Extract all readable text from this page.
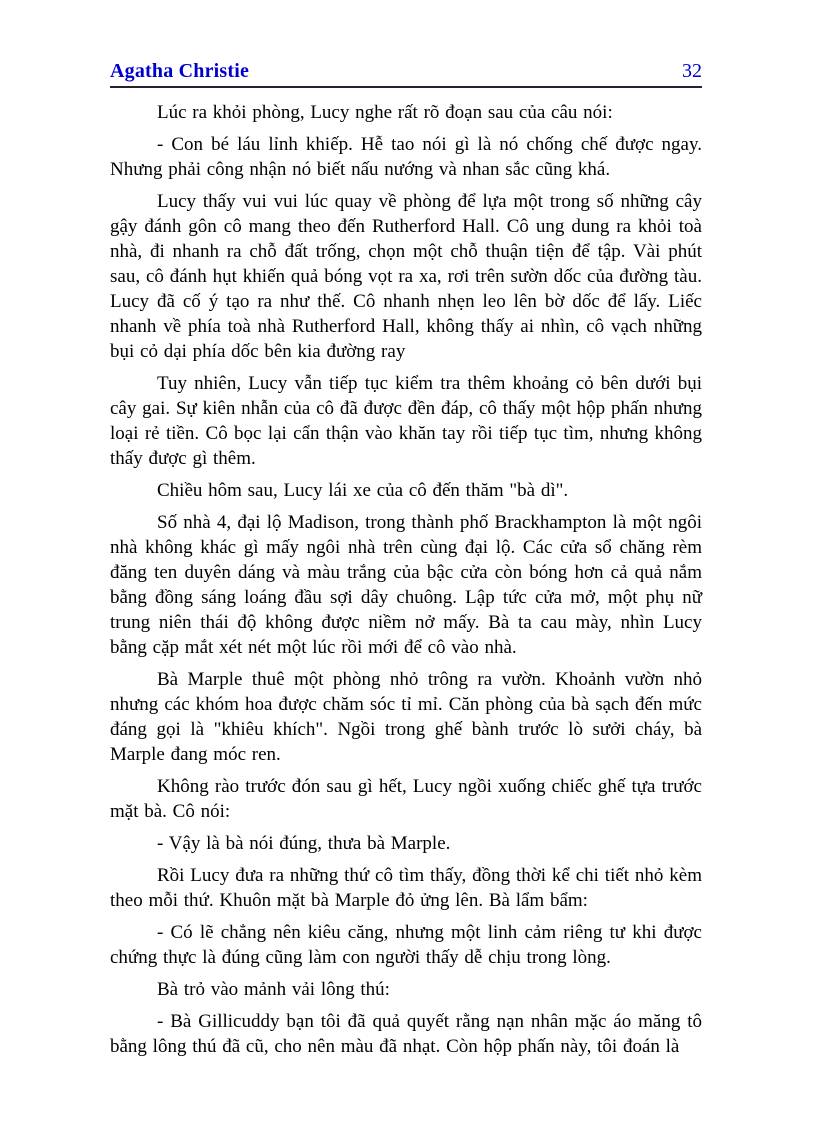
Agatha Christie	32

Lúc ra khỏi phòng, Lucy nghe rất rõ đoạn sau của câu nói:

- Con bé láu lỉnh khiếp. Hễ tao nói gì là nó chống chế được ngay. Nhưng phải công nhận nó biết nấu nướng và nhan sắc cũng khá.

Lucy thấy vui vui lúc quay về phòng để lựa một trong số những cây gậy đánh gôn cô mang theo đến Rutherford Hall. Cô ung dung ra khỏi toà nhà, đi nhanh ra chỗ đất trống, chọn một chỗ thuận tiện để tập. Vài phút sau, cô đánh hụt khiến quả bóng vọt ra xa, rơi trên sườn dốc của đường tàu. Lucy đã cố ý tạo ra như thế. Cô nhanh nhẹn leo lên bờ dốc để lấy. Liếc nhanh về phía toà nhà Rutherford Hall, không thấy ai nhìn, cô vạch những bụi cỏ dại phía dốc bên kia đường ray

Tuy nhiên, Lucy vẫn tiếp tục kiểm tra thêm khoảng cỏ bên dưới bụi cây gai. Sự kiên nhẫn của cô đã được đền đáp, cô thấy một hộp phấn nhưng loại rẻ tiền. Cô bọc lại cẩn thận vào khăn tay rồi tiếp tục tìm, nhưng không thấy được gì thêm.

Chiều hôm sau, Lucy lái xe của cô đến thăm "bà dì".

Số nhà 4, đại lộ Madison, trong thành phố Brackhampton là một ngôi nhà không khác gì mấy ngôi nhà trên cùng đại lộ. Các cửa sổ chăng rèm đăng ten duyên dáng và màu trắng của bậc cửa còn bóng hơn cả quả nắm bằng đồng sáng loáng đầu sợi dây chuông. Lập tức cửa mở, một phụ nữ trung niên thái độ không được niềm nở mấy. Bà ta cau mày, nhìn Lucy bằng cặp mắt xét nét một lúc rồi mới để cô vào nhà.

Bà Marple thuê một phòng nhỏ trông ra vườn. Khoảnh vườn nhỏ nhưng các khóm hoa được chăm sóc tỉ mỉ. Căn phòng của bà sạch đến mức đáng gọi là "khiêu khích". Ngồi trong ghế bành trước lò sưởi cháy, bà Marple đang móc ren.

Không rào trước đón sau gì hết, Lucy ngồi xuống chiếc ghế tựa trước mặt bà. Cô nói:

- Vậy là bà nói đúng, thưa bà Marple.

Rồi Lucy đưa ra những thứ cô tìm thấy, đồng thời kể chi tiết nhỏ kèm theo mỗi thứ. Khuôn mặt bà Marple đỏ ửng lên. Bà lẩm bẩm:

- Có lẽ chẳng nên kiêu căng, nhưng một linh cảm riêng tư khi được chứng thực là đúng cũng làm con người thấy dễ chịu trong lòng.

Bà trỏ vào mảnh vải lông thú:

- Bà Gillicuddy bạn tôi đã quả quyết rằng nạn nhân mặc áo măng tô bằng lông thú đã cũ, cho nên màu đã nhạt. Còn hộp phấn này, tôi đoán là
